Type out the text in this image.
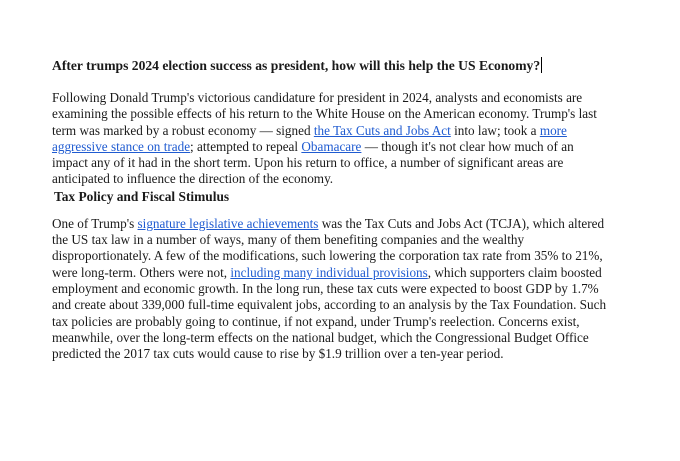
After trumps 2024 election success as president, how will this help the US Economy?

Following Donald Trump's victorious candidature for president in 2024, analysts and economists are examining the possible effects of his return to the White House on the American economy. Trump's last term was marked by a robust economy — signed the Tax Cuts and Jobs Act into law; took a more aggressive stance on trade; attempted to repeal Obamacare — though it's not clear how much of an impact any of it had in the short term. Upon his return to office, a number of significant areas are anticipated to influence the direction of the economy.

Tax Policy and Fiscal Stimulus

One of Trump's signature legislative achievements was the Tax Cuts and Jobs Act (TCJA), which altered the US tax law in a number of ways, many of them benefiting companies and the wealthy disproportionately. A few of the modifications, such lowering the corporation tax rate from 35% to 21%, were long-term. Others were not, including many individual provisions, which supporters claim boosted employment and economic growth. In the long run, these tax cuts were expected to boost GDP by 1.7% and create about 339,000 full-time equivalent jobs, according to an analysis by the Tax Foundation. Such tax policies are probably going to continue, if not expand, under Trump's reelection. Concerns exist, meanwhile, over the long-term effects on the national budget, which the Congressional Budget Office predicted the 2017 tax cuts would cause to rise by $1.9 trillion over a ten-year period.
